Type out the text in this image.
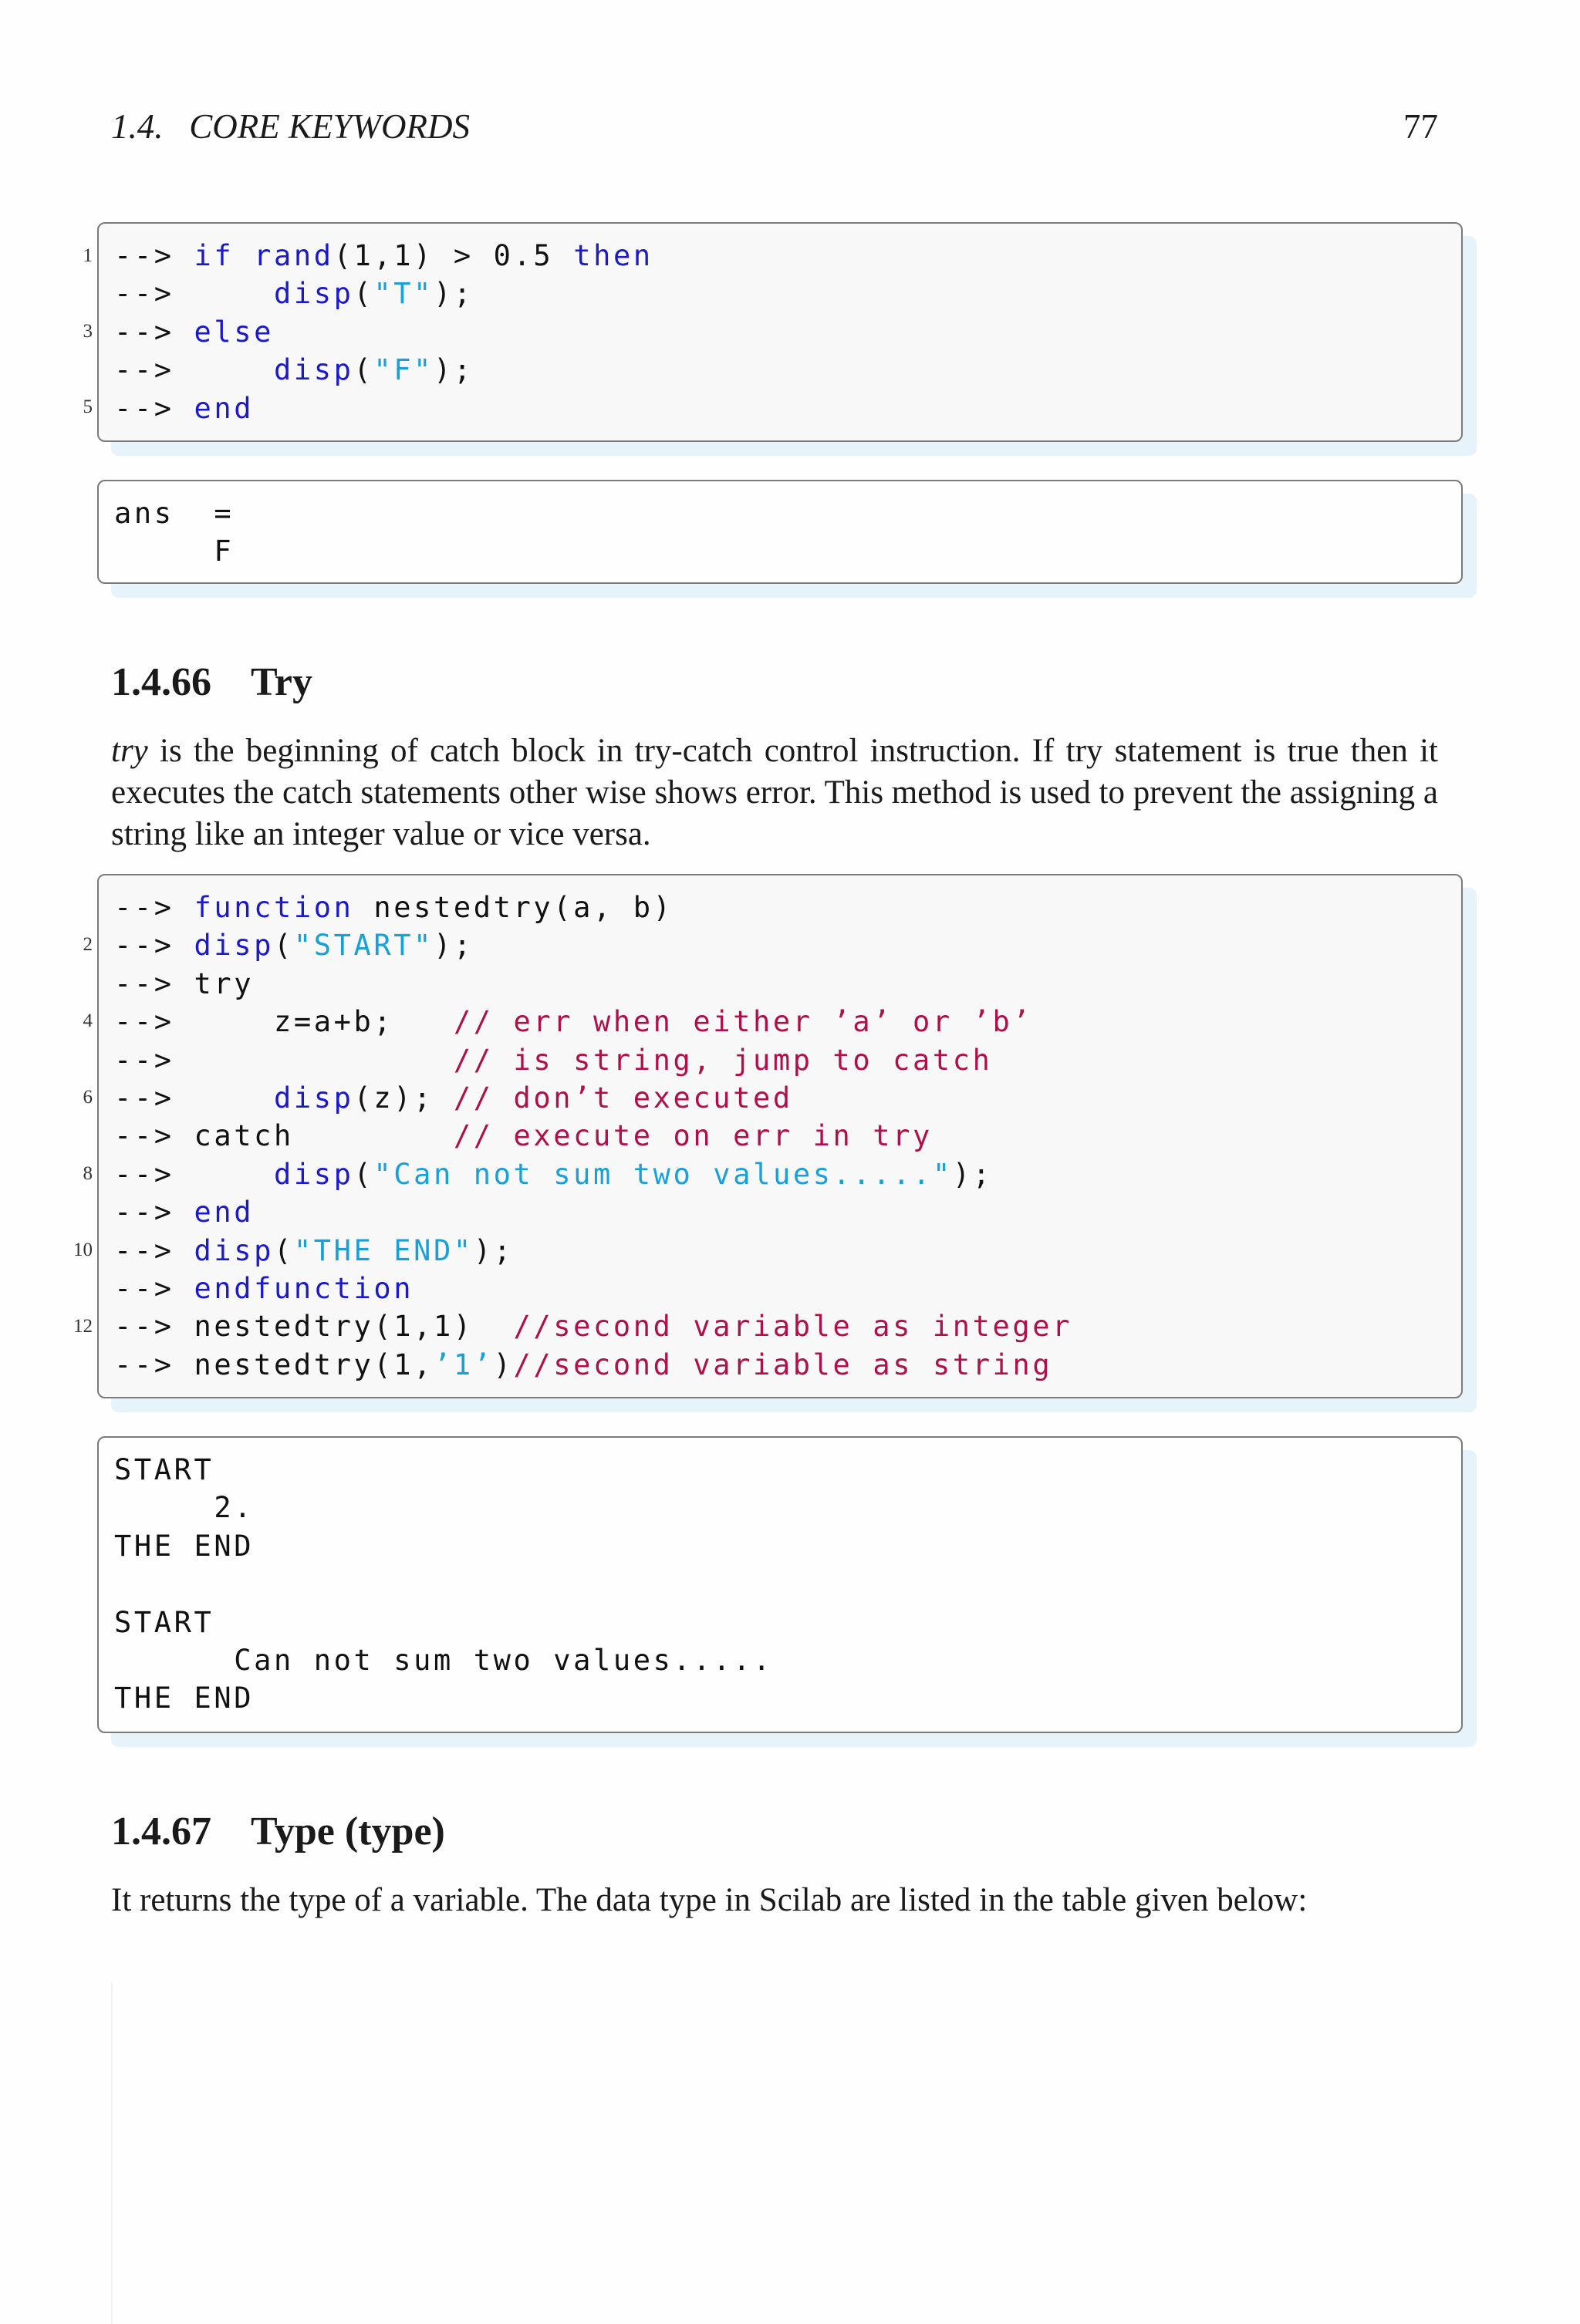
1.4.   CORE KEYWORDS	77
--> if rand(1,1) > 0.5 then
-->     disp("T");
--> else
-->     disp("F");
--> end
1
3
5
ans  =
F
1.4.66    Try
try is the beginning of catch block in try-catch control instruction. If try statement is true then it executes the catch statements other wise shows error. This method is used to prevent the assigning a string like an integer value or vice versa.
--> function nestedtry(a, b)
--> disp("START");
--> try
-->     z=a+b;   // err when either ’a’ or ’b’
-->              // is string, jump to catch
-->     disp(z); // don’t executed
--> catch        // execute on err in try
-->     disp("Can not sum two values.....");
--> end
--> disp("THE END");
--> endfunction
--> nestedtry(1,1)  //second variable as integer
--> nestedtry(1,’1’)//second variable as string
2
4
6
8
10
12
START
2.
THE END
START
Can not sum two values.....
THE END
1.4.67    Type (type)
It returns the type of a variable. The data type in Scilab are listed in the table given below:
